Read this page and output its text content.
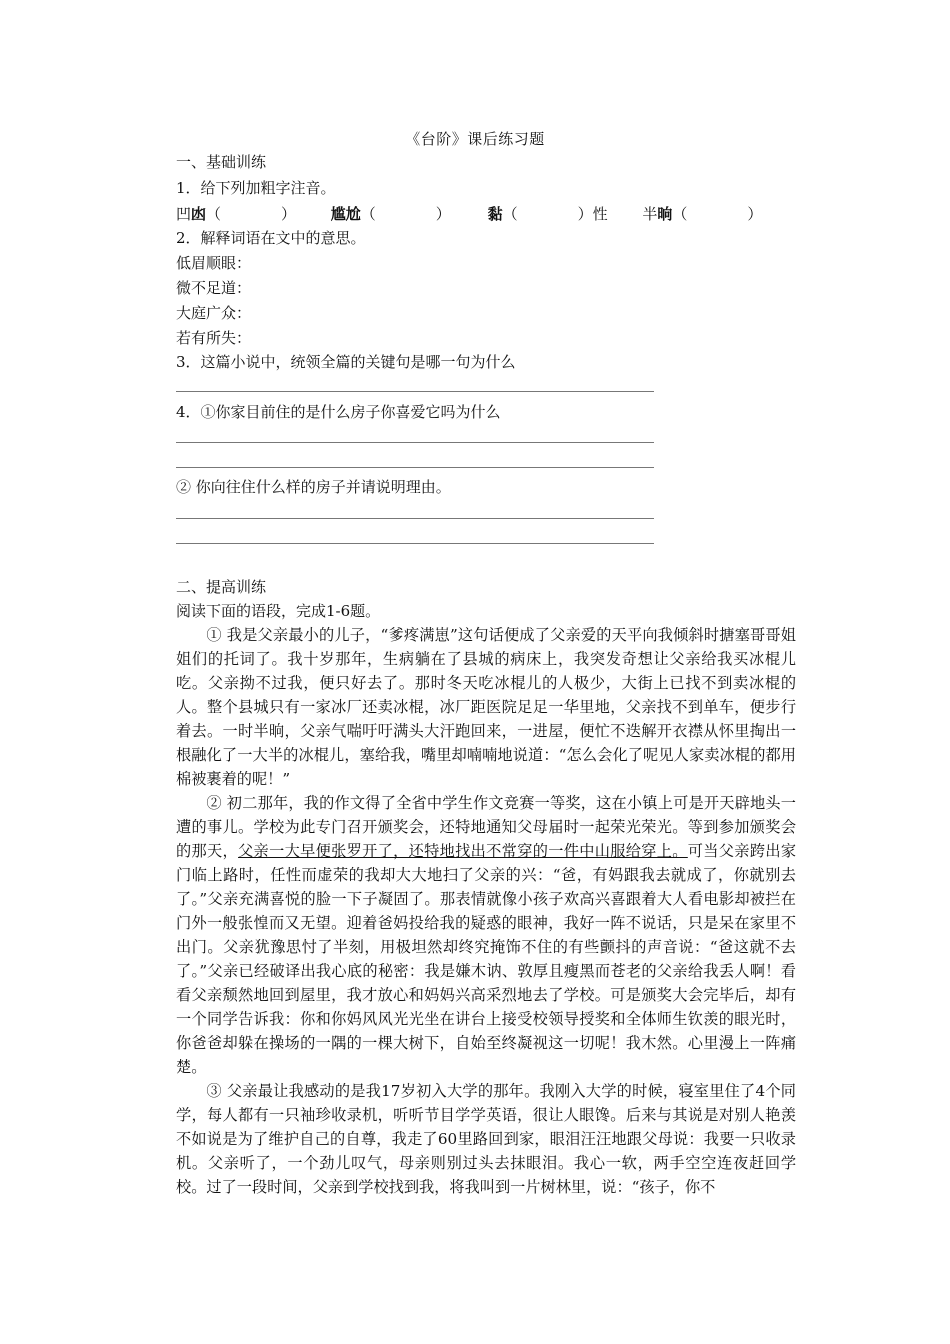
《台阶》课后练习题
一、基础训练
1．给下列加粗字注音。
凹凼（　　　　） 尴尬（　　　　） 黏（　　　　）性 半晌（　　　　）
2．解释词语在文中的意思。
低眉顺眼：
微不足道：
大庭广众：
若有所失：
3．这篇小说中，统领全篇的关键句是哪一句为什么
4．①你家目前住的是什么房子你喜爱它吗为什么
② 你向往住什么样的房子并请说明理由。
二、提高训练
阅读下面的语段，完成1-6题。

① 我是父亲最小的儿子，“爹疼满崽”这句话便成了父亲爱的天平向我倾斜时搪塞哥哥姐姐们的托词了。我十岁那年，生病躺在了县城的病床上，我突发奇想让父亲给我买冰棍儿吃。父亲拗不过我，便只好去了。那时冬天吃冰棍儿的人极少，大街上已找不到卖冰棍的人。整个县城只有一家冰厂还卖冰棍，冰厂距医院足足一华里地，父亲找不到单车，便步行着去。一时半晌，父亲气喘吁吁满头大汗跑回来，一进屋，便忙不迭解开衣襟从怀里掏出一根融化了一大半的冰棍儿，塞给我，嘴里却喃喃地说道：“怎么会化了呢见人家卖冰棍的都用棉被裹着的呢！”

② 初二那年，我的作文得了全省中学生作文竞赛一等奖，这在小镇上可是开天辟地头一遭的事儿。学校为此专门召开颁奖会，还特地通知父母届时一起荣光荣光。等到参加颁奖会的那天，父亲一大早便张罗开了，还特地找出不常穿的一件中山服给穿上。可当父亲跨出家门临上路时，任性而虚荣的我却大大地扫了父亲的兴：“爸，有妈跟我去就成了，你就别去了。”父亲充满喜悦的脸一下子凝固了。那表情就像小孩子欢高兴喜跟着大人看电影却被拦在门外一般张惶而又无望。迎着爸妈投给我的疑惑的眼神，我好一阵不说话，只是呆在家里不出门。父亲犹豫思忖了半刻，用极坦然却终究掩饰不住的有些颤抖的声音说：“爸这就不去了。”父亲已经破译出我心底的秘密：我是嫌木讷、敦厚且瘦黑而苍老的父亲给我丢人啊！看看父亲颓然地回到屋里，我才放心和妈妈兴高采烈地去了学校。可是颁奖大会完毕后，却有一个同学告诉我：你和你妈风风光光坐在讲台上接受校领导授奖和全体师生钦羡的眼光时，你爸爸却躲在操场的一隅的一棵大树下，自始至终凝视这一切呢！我木然。心里漫上一阵痛楚。

③ 父亲最让我感动的是我17岁初入大学的那年。我刚入大学的时候，寝室里住了4个同学，每人都有一只袖珍收录机，听听节目学学英语，很让人眼馋。后来与其说是对别人艳羡不如说是为了维护自己的自尊，我走了60里路回到家，眼泪汪汪地跟父母说：我要一只收录机。父亲听了，一个劲儿叹气，母亲则别过头去抹眼泪。我心一软，两手空空连夜赶回学校。过了一段时间，父亲到学校找到我，将我叫到一片树林里，说：“孩子，你不
